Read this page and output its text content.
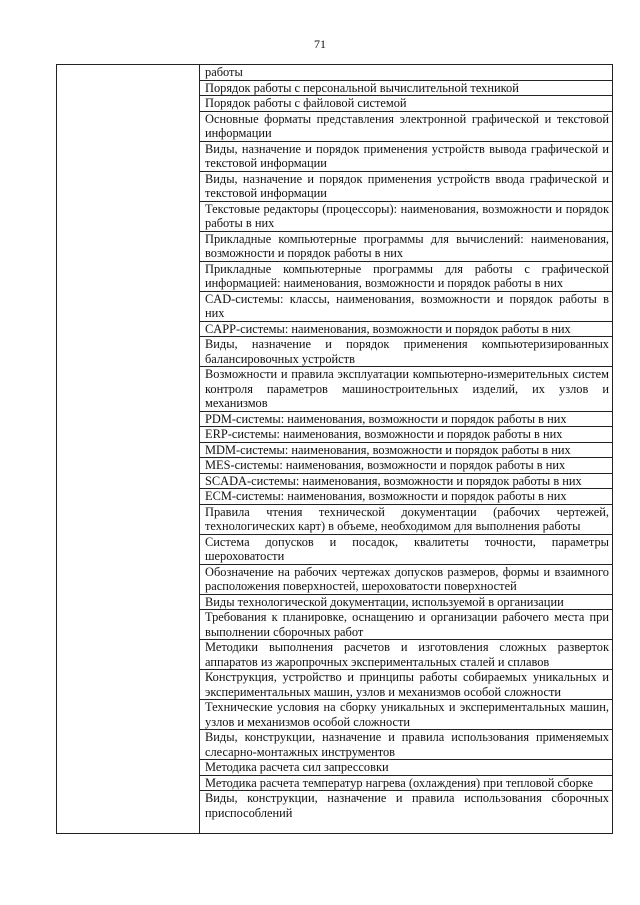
71
работы
Порядок работы с персональной вычислительной техникой
Порядок работы с файловой системой
Основные форматы представления электронной графической и текстовой информации
Виды, назначение и порядок применения устройств вывода графической и текстовой информации
Виды, назначение и порядок применения устройств ввода графической и текстовой информации
Текстовые редакторы (процессоры): наименования, возможности и порядок работы в них
Прикладные компьютерные программы для вычислений: наименования, возможности и порядок работы в них
Прикладные компьютерные программы для работы с графической информацией: наименования, возможности и порядок работы в них
CAD-системы: классы, наименования, возможности и порядок работы в них
CAPP-системы: наименования, возможности и порядок работы в них
Виды, назначение и порядок применения компьютеризированных балансировочных устройств
Возможности и правила эксплуатации компьютерно-измерительных систем контроля параметров машиностроительных изделий, их узлов и механизмов
PDM-системы: наименования, возможности и порядок работы в них
ERP-системы: наименования, возможности и порядок работы в них
MDM-системы: наименования, возможности и порядок работы в них
MES-системы: наименования, возможности и порядок работы в них
SCADA-системы: наименования, возможности и порядок работы в них
ECM-системы: наименования, возможности и порядок работы в них
Правила чтения технической документации (рабочих чертежей, технологических карт) в объеме, необходимом для выполнения работы
Система допусков и посадок, квалитеты точности, параметры шероховатости
Обозначение на рабочих чертежах допусков размеров, формы и взаимного расположения поверхностей, шероховатости поверхностей
Виды технологической документации, используемой в организации
Требования к планировке, оснащению и организации рабочего места при выполнении сборочных работ
Методики выполнения расчетов и изготовления сложных разверток аппаратов из жаропрочных экспериментальных сталей и сплавов
Конструкция, устройство и принципы работы собираемых уникальных и экспериментальных машин, узлов и механизмов особой сложности
Технические условия на сборку уникальных и экспериментальных машин, узлов и механизмов особой сложности
Виды, конструкции, назначение и правила использования применяемых слесарно-монтажных инструментов
Методика расчета сил запрессовки
Методика расчета температур нагрева (охлаждения) при тепловой сборке
Виды, конструкции, назначение и правила использования сборочных приспособлений
